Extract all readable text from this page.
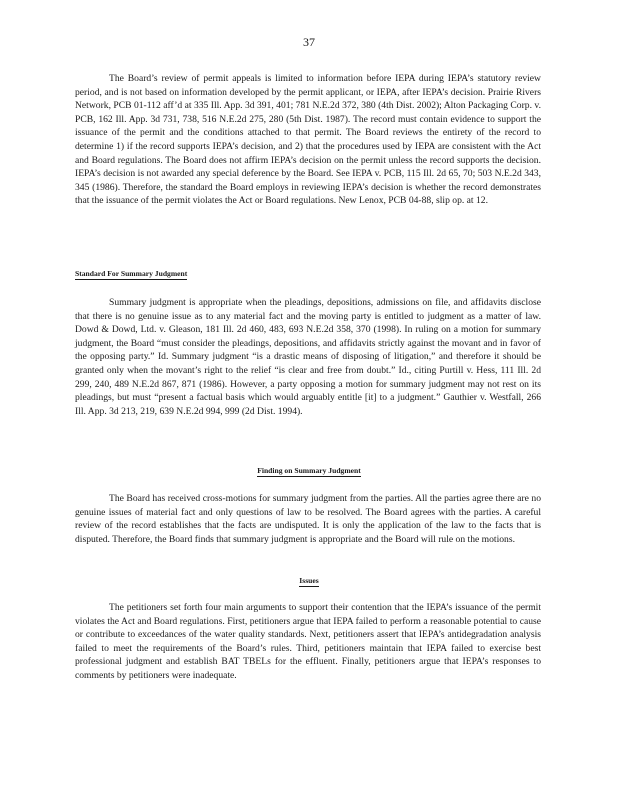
37

The Board’s review of permit appeals is limited to information before IEPA during IEPA’s statutory review period, and is not based on information developed by the permit applicant, or IEPA, after IEPA’s decision. Prairie Rivers Network, PCB 01-112 aff’d at 335 Ill. App. 3d 391, 401; 781 N.E.2d 372, 380 (4th Dist. 2002); Alton Packaging Corp. v. PCB, 162 Ill. App. 3d 731, 738, 516 N.E.2d 275, 280 (5th Dist. 1987). The record must contain evidence to support the issuance of the permit and the conditions attached to that permit. The Board reviews the entirety of the record to determine 1) if the record supports IEPA’s decision, and 2) that the procedures used by IEPA are consistent with the Act and Board regulations. The Board does not affirm IEPA’s decision on the permit unless the record supports the decision. IEPA’s decision is not awarded any special deference by the Board. See IEPA v. PCB, 115 Ill. 2d 65, 70; 503 N.E.2d 343, 345 (1986). Therefore, the standard the Board employs in reviewing IEPA’s decision is whether the record demonstrates that the issuance of the permit violates the Act or Board regulations. New Lenox, PCB 04-88, slip op. at 12.

Standard For Summary Judgment

Summary judgment is appropriate when the pleadings, depositions, admissions on file, and affidavits disclose that there is no genuine issue as to any material fact and the moving party is entitled to judgment as a matter of law. Dowd & Dowd, Ltd. v. Gleason, 181 Ill. 2d 460, 483, 693 N.E.2d 358, 370 (1998). In ruling on a motion for summary judgment, the Board “must consider the pleadings, depositions, and affidavits strictly against the movant and in favor of the opposing party.” Id. Summary judgment “is a drastic means of disposing of litigation,” and therefore it should be granted only when the movant’s right to the relief “is clear and free from doubt.” Id., citing Purtill v. Hess, 111 Ill. 2d 299, 240, 489 N.E.2d 867, 871 (1986). However, a party opposing a motion for summary judgment may not rest on its pleadings, but must “present a factual basis which would arguably entitle [it] to a judgment.” Gauthier v. Westfall, 266 Ill. App. 3d 213, 219, 639 N.E.2d 994, 999 (2d Dist. 1994).

Finding on Summary Judgment

The Board has received cross-motions for summary judgment from the parties. All the parties agree there are no genuine issues of material fact and only questions of law to be resolved. The Board agrees with the parties. A careful review of the record establishes that the facts are undisputed. It is only the application of the law to the facts that is disputed. Therefore, the Board finds that summary judgment is appropriate and the Board will rule on the motions.

Issues

The petitioners set forth four main arguments to support their contention that the IEPA’s issuance of the permit violates the Act and Board regulations. First, petitioners argue that IEPA failed to perform a reasonable potential to cause or contribute to exceedances of the water quality standards. Next, petitioners assert that IEPA’s antidegradation analysis failed to meet the requirements of the Board’s rules. Third, petitioners maintain that IEPA failed to exercise best professional judgment and establish BAT TBELs for the effluent. Finally, petitioners argue that IEPA’s responses to comments by petitioners were inadequate.
